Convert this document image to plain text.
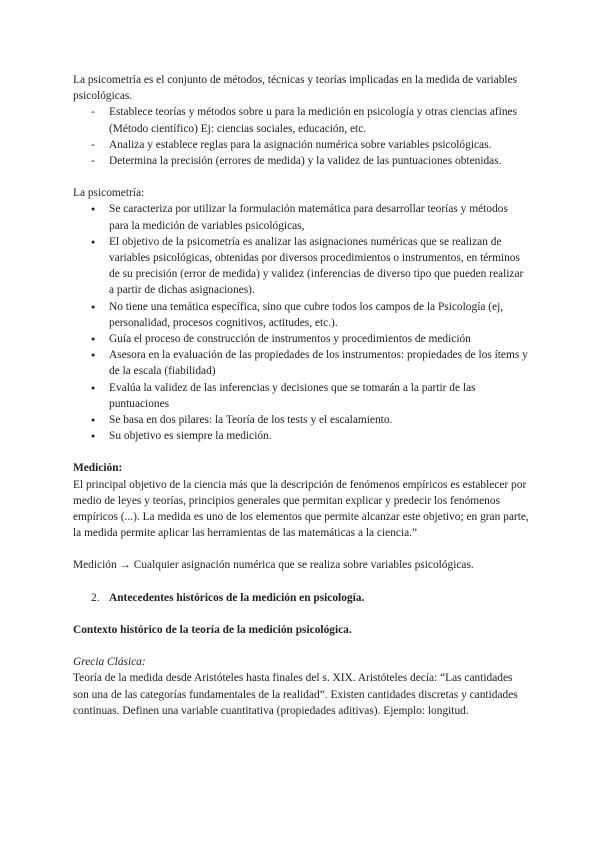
La psicometría es el conjunto de métodos, técnicas y teorías implicadas en la medida de variables psicológicas.

- Establece teorías y métodos sobre u para la medición en psicología y otras ciencias afines (Método científico) Ej: ciencias sociales, educación, etc.
- Analiza y establece reglas para la asignación numérica sobre variables psicológicas.
- Determina la precisión (errores de medida) y la validez de las puntuaciones obtenidas.

La psicometría:

● Se caracteriza por utilizar la formulación matemática para desarrollar teorías y métodos para la medición de variables psicológicas,
● El objetivo de la psicometría es analizar las asignaciones numéricas que se realizan de variables psicológicas, obtenidas por diversos procedimientos o instrumentos, en términos de su precisión (error de medida) y validez (inferencias de diverso tipo que pueden realizar a partir de dichas asignaciones).
● No tiene una temática específica, sino que cubre todos los campos de la Psicología (ej, personalidad, procesos cognitivos, actitudes, etc.).
● Guía el proceso de construcción de instrumentos y procedimientos de medición
● Asesora en la evaluación de las propiedades de los instrumentos: propiedades de los ítems y de la escala (fiabilidad)
● Evalúa la validez de las inferencias y decisiones que se tomarán a la partir de las puntuaciones
● Se basa en dos pilares: la Teoría de los tests y el escalamiento.
● Su objetivo es siempre la medición.

Medición:

El principal objetivo de la ciencia más que la descripción de fenómenos empíricos es establecer por medio de leyes y teorías, principios generales que permitan explicar y predecir los fenómenos empíricos (...). La medida es uno de los elementos que permite alcanzar este objetivo; en gran parte, la medida permite aplicar las herramientas de las matemáticas a la ciencia.”

Medición → Cualquier asignación numérica que se realiza sobre variables psicológicas.

2. Antecedentes históricos de la medición en psicología.

Contexto histórico de la teoría de la medición psicológica.

Grecia Clásica:

Teoría de la medida desde Aristóteles hasta finales del s. XIX. Aristóteles decía: “Las cantidades son una de las categorías fundamentales de la realidad”. Existen cantidades discretas y cantidades continuas. Definen una variable cuantitativa (propiedades aditivas). Ejemplo: longitud.
